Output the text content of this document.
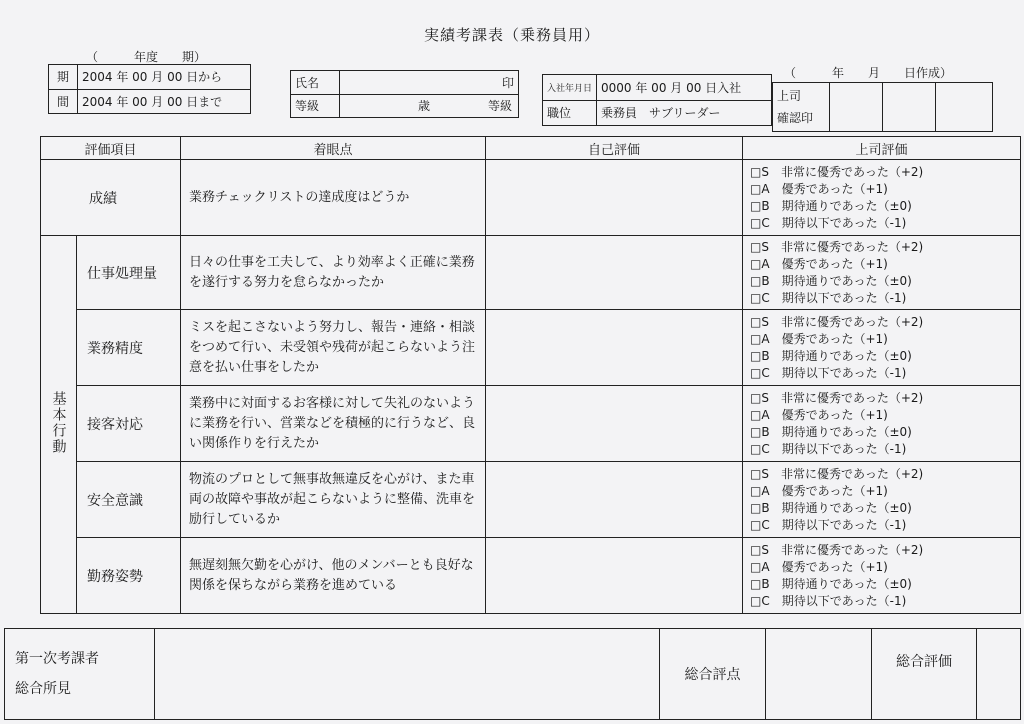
実績考課表（乗務員用）
（　　　年度　　期）
期	2004 年 00 月 00 日から
間	2004 年 00 月 00 日まで
氏名	印
等級	歳 等級
入社年月日	0000 年 00 月 00 日入社
職位	乗務員　サブリーダー
（　　　年　　月　　日作成）
上司
確認印			

評価項目		着眼点	自己評価	上司評価
成績		業務チェックリストの達成度はどうか		□S　非常に優秀であった（+2)
□A　優秀であった（+1)
□B　期待通りであった（±0)
□C　期待以下であった（-1)

基本行動	仕事処理量	日々の仕事を工夫して、より効率よく正確に業務を遂行する努力を怠らなかったか		□S　非常に優秀であった（+2)
□A　優秀であった（+1)
□B　期待通りであった（±0)
□C　期待以下であった（-1)

	業務精度	ミスを起こさないよう努力し、報告・連絡・相談をつめて行い、未受領や残荷が起こらないよう注意を払い仕事をしたか		□S　非常に優秀であった（+2)
□A　優秀であった（+1)
□B　期待通りであった（±0)
□C　期待以下であった（-1)

	接客対応	業務中に対面するお客様に対して失礼のないように業務を行い、営業などを積極的に行うなど、良い関係作りを行えたか		□S　非常に優秀であった（+2)
□A　優秀であった（+1)
□B　期待通りであった（±0)
□C　期待以下であった（-1)

	安全意識	物流のプロとして無事故無違反を心がけ、また車両の故障や事故が起こらないように整備、洗車を励行しているか		□S　非常に優秀であった（+2)
□A　優秀であった（+1)
□B　期待通りであった（±0)
□C　期待以下であった（-1)

	勤務姿勢	無遅刻無欠勤を心がけ、他のメンバーとも良好な関係を保ちながら業務を進めている		□S　非常に優秀であった（+2)
□A　優秀であった（+1)
□B　期待通りであった（±0)
□C　期待以下であった（-1)
第一次考課者
総合所見		総合評点		総合評価	
